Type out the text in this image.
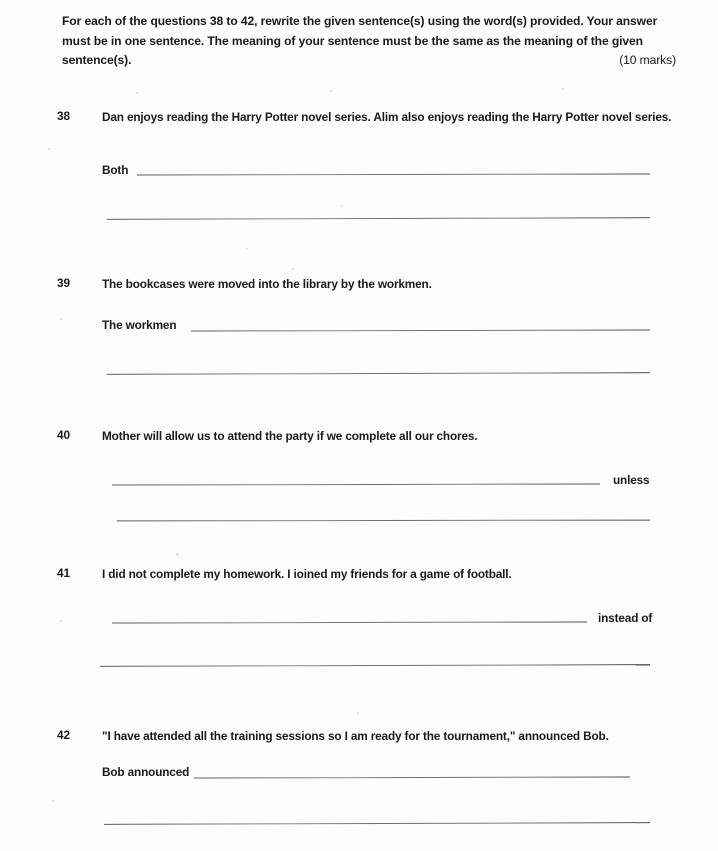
For each of the questions 38 to 42, rewrite the given sentence(s) using the word(s) provided. Your answer must be in one sentence. The meaning of your sentence must be the same as the meaning of the given sentence(s).	(10 marks)
38	Dan enjoys reading the Harry Potter novel series. Alim also enjoys reading the Harry Potter novel series.
Both
39	The bookcases were moved into the library by the workmen.
The workmen
40	Mother will allow us to attend the party if we complete all our chores.
unless
41	I did not complete my homework. I ioined my friends for a game of football.
instead of
42	"I have attended all the training sessions so I am ready for the tournament," announced Bob.
Bob announced
